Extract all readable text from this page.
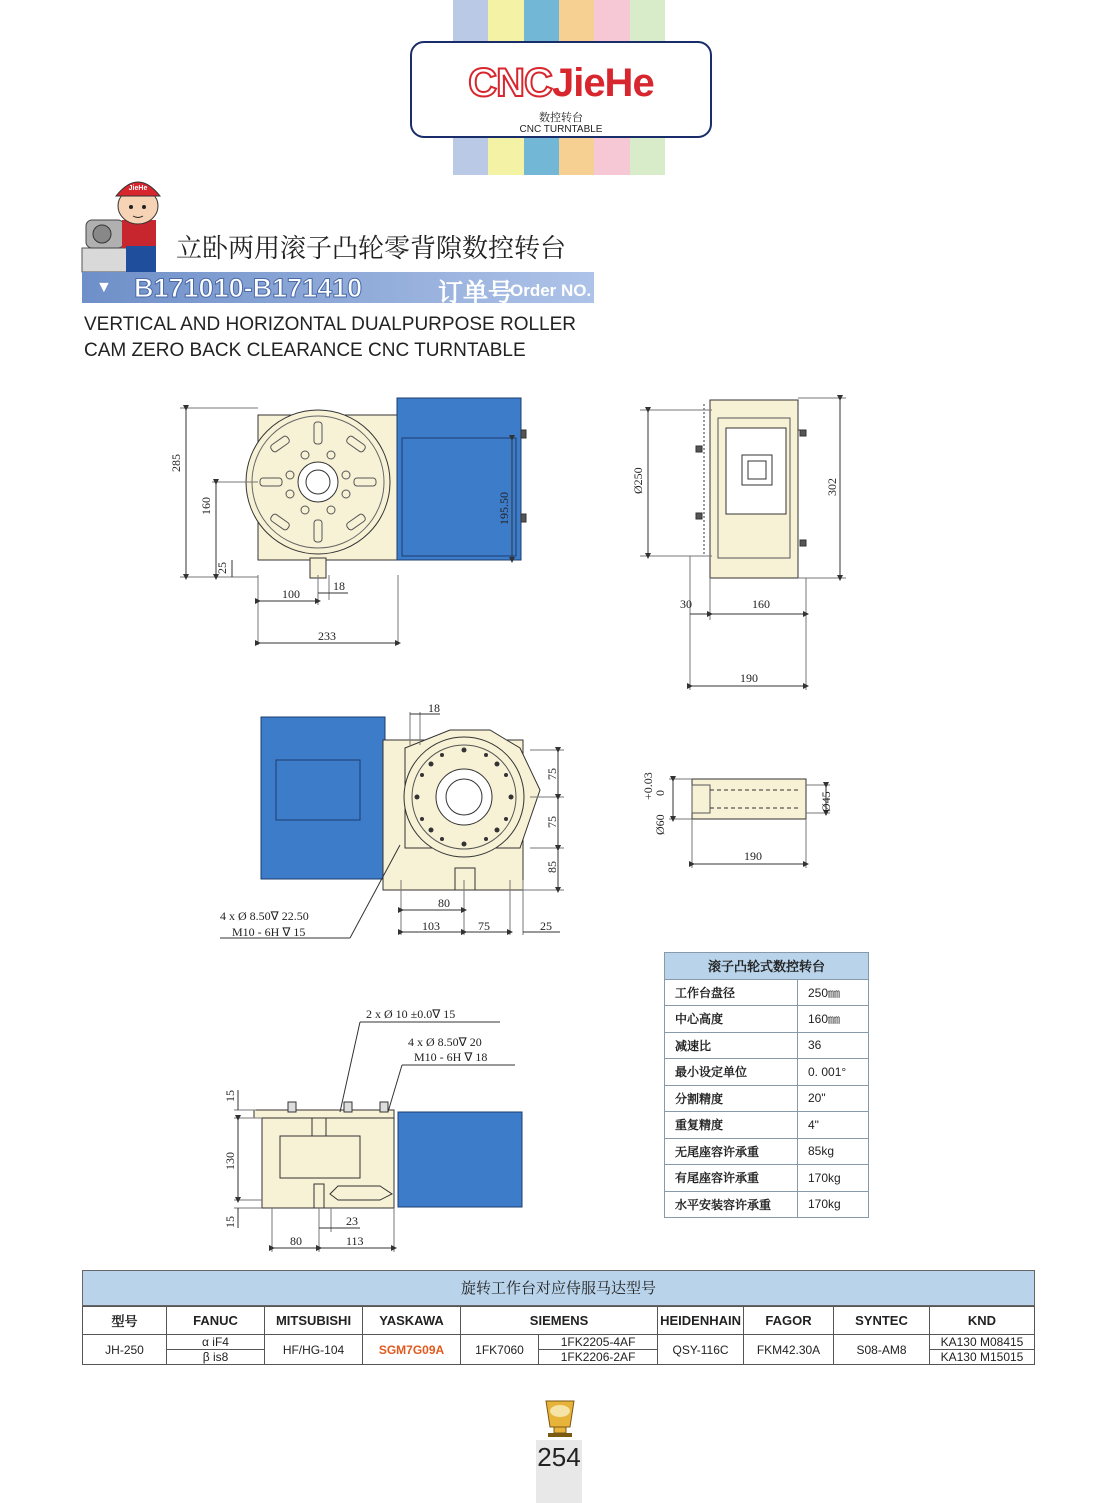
CNCJieHe
数控转台
CNC TURNTABLE
JieHe
立卧两用滚子凸轮零背隙数控转台
▼ B171010-B171410	订单号
Order NO.
VERTICAL AND HORIZONTAL DUALPURPOSE ROLLER
CAM ZERO BACK CLEARANCE CNC TURNTABLE
285
160
25
195.50
100
18
233
Ø250	302
30	160
190
18
75
75
85
80
103	75	25
4 x Ø 8.50∇ 22.50
M10 - 6H ∇ 15
+0.03
0
Ø60
Ø45
190
2 x Ø 10 ±0.0∇ 15
4 x Ø 8.50∇ 20
M10 - 6H ∇ 18
15
130
15	23
80	113
滚子凸轮式数控转台	
工作台盘径	250㎜
中心高度	160㎜
减速比	36
最小设定单位	0. 001°
分割精度	20"
重复精度	4"
无尾座容许承重	85kg
有尾座容许承重	170kg
水平安装容许承重	170kg
旋转工作台对应侍服马达型号
型号	FANUC	MITSUBISHI	YASKAWA	SIEMENS		HEIDENHAIN	FAGOR	SYNTEC	KND
JH-250	α iF4	HF/HG-104	SGM7G09A	1FK7060	1FK2205-4AF	QSY-116C	FKM42.30A	S08-AM8	KA130 M08415
	β is8				1FK2206-2AF				KA130 M15015
254
